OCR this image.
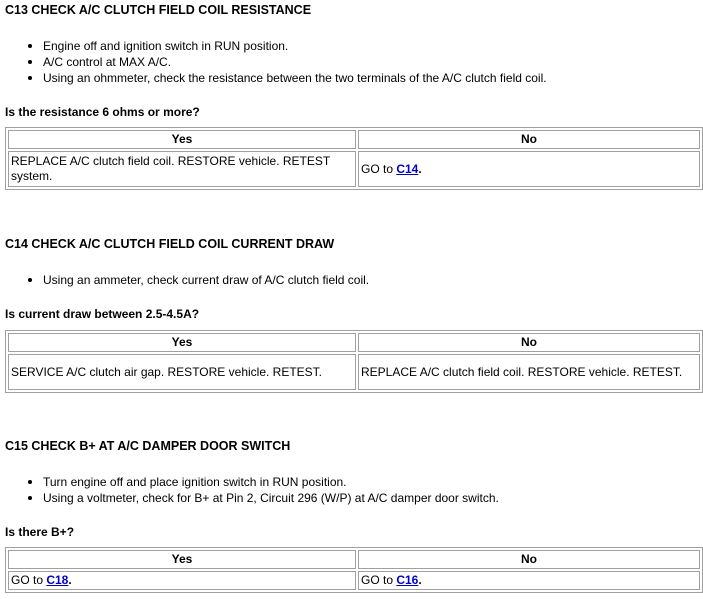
C13 CHECK A/C CLUTCH FIELD COIL RESISTANCE
Engine off and ignition switch in RUN position.
A/C control at MAX A/C.
Using an ohmmeter, check the resistance between the two terminals of the A/C clutch field coil.
Is the resistance 6 ohms or more?
Yes	No
REPLACE A/C clutch field coil. RESTORE vehicle. RETEST system.	GO to C14.
C14 CHECK A/C CLUTCH FIELD COIL CURRENT DRAW
Using an ammeter, check current draw of A/C clutch field coil.
Is current draw between 2.5-4.5A?
Yes	No
SERVICE A/C clutch air gap. RESTORE vehicle. RETEST.	REPLACE A/C clutch field coil. RESTORE vehicle. RETEST.
C15 CHECK B+ AT A/C DAMPER DOOR SWITCH
Turn engine off and place ignition switch in RUN position.
Using a voltmeter, check for B+ at Pin 2, Circuit 296 (W/P) at A/C damper door switch.
Is there B+?
Yes	No
GO to C18.	GO to C16.
